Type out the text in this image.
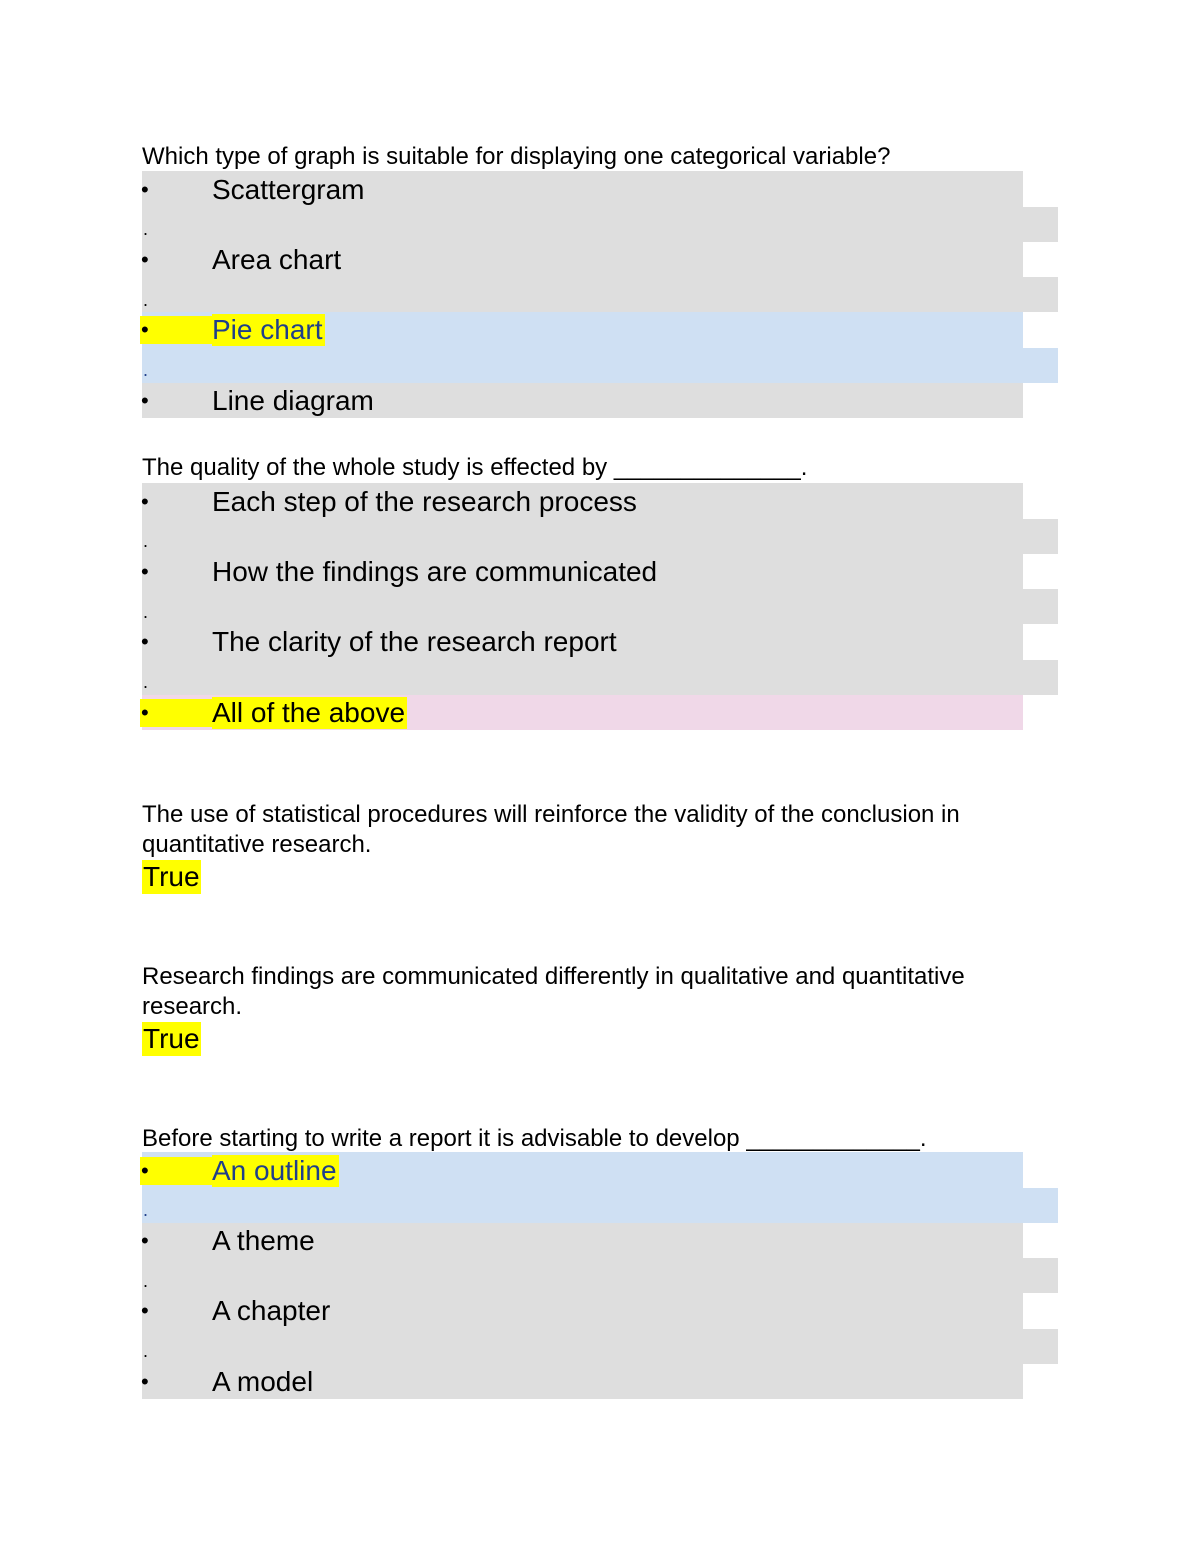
Which type of graph is suitable for displaying one categorical variable?

•	Scattergram
.
•	Area chart
.
•	Pie chart
.
•	Line diagram

The quality of the whole study is effected by ______________.

•	Each step of the research process
.
•	How the findings are communicated
.
•	The clarity of the research report
.
•	All of the above

The use of statistical procedures will reinforce the validity of the conclusion in quantitative research.

True

Research findings are communicated differently in qualitative and quantitative research.

True

Before starting to write a report it is advisable to develop _____________.

•	An outline
.
•	A theme
.
•	A chapter
.
•	A model
